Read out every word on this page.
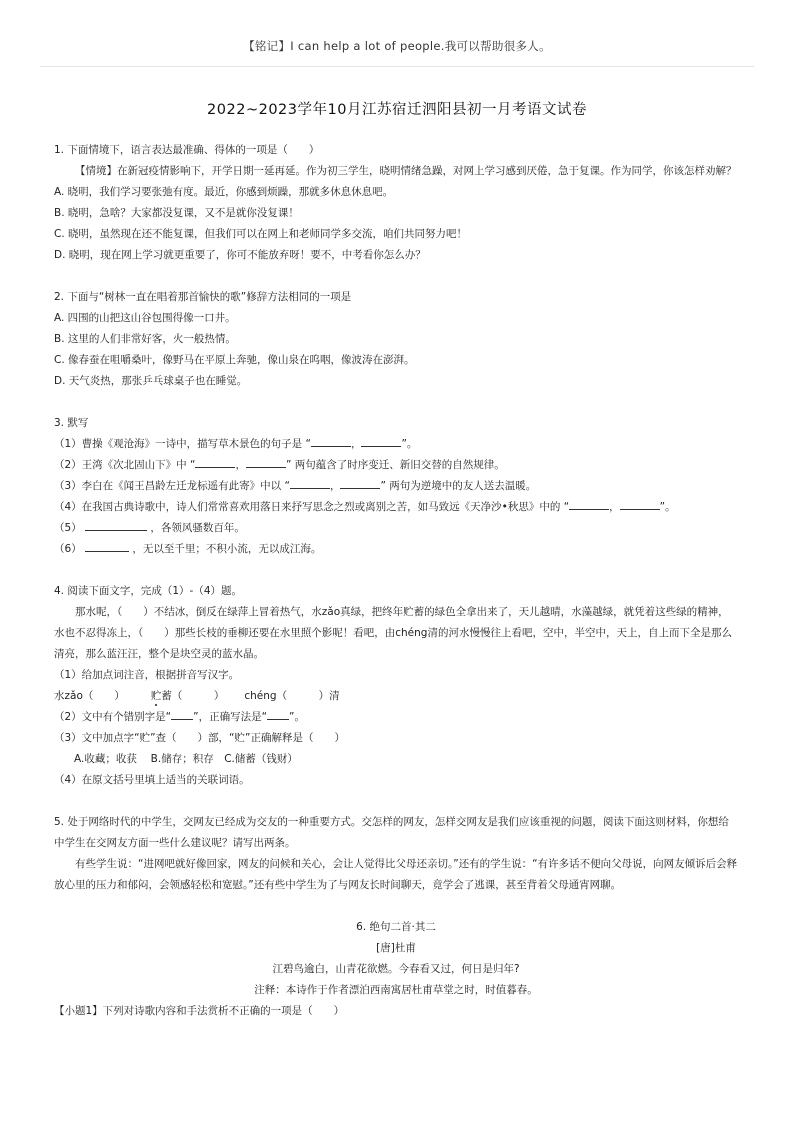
【铭记】I can help a lot of people.我可以帮助很多人。
2022~2023学年10月江苏宿迁泗阳县初一月考语文试卷

1. 下面情境下，语言表达最准确、得体的一项是（　　）

【情境】在新冠疫情影响下，开学日期一延再延。作为初三学生，晓明情绪急躁，对网上学习感到厌倦，急于复课。作为同学，你该怎样劝解？

A. 晓明，我们学习要张弛有度。最近，你感到烦躁，那就多休息休息吧。

B. 晓明，急啥？大家都没复课，又不是就你没复课！

C. 晓明，虽然现在还不能复课，但我们可以在网上和老师同学多交流，咱们共同努力吧！

D. 晓明，现在网上学习就更重要了，你可不能放弃呀！要不，中考看你怎么办？

2. 下面与“树林一直在唱着那首愉快的歌”修辞方法相同的一项是

A. 四围的山把这山谷包围得像一口井。

B. 这里的人们非常好客，火一般热情。

C. 像春蚕在咀嚼桑叶，像野马在平原上奔驰，像山泉在呜咽，像波涛在澎湃。

D. 天气炎热，那张乒乓球桌子也在睡觉。

3. 默写

（1）曹操《观沧海》一诗中，描写草木景色的句子是 “	，	”。

（2）王湾《次北固山下》中 “	，	” 两句蕴含了时序变迁、新旧交替的自然规律。

（3）李白在《闻王昌龄左迁龙标遥有此寄》中以 “	，	” 两句为逆境中的友人送去温暖。

（4）在我国古典诗歌中，诗人们常常喜欢用落日来抒写思念之烈或离别之苦，如马致远《天净沙•秋思》中的 “	，	”。

（5）	，各领风骚数百年。

（6）	，无以至千里；不积小流，无以成江海。

4. 阅读下面文字，完成（1）-（4）题。

那水呢，（　　）不结冰，倒反在绿萍上冒着热气，水zǎo真绿，把终年贮蓄的绿色全拿出来了，天儿越晴，水藻越绿，就凭着这些绿的精神，水也不忍得冻上，（　　）那些长枝的垂柳还要在水里照个影呢！看吧，由chéng清的河水慢慢往上看吧，空中，半空中，天上，自上而下全是那么清亮，那么蓝汪汪，整个是块空灵的蓝水晶。

（1）给加点词注音，根据拼音写汉字。

水zǎo（　　） 贮蓄（　　　） chéng（　　　）清

（2）文中有个错别字是“ ”，正确写法是“ ”。

（3）文中加点字“贮”查（　　）部，“贮”正确解释是（　　）

A.收藏；收获　 B.储存；积存　C.储蓄（钱财）

（4）在原文括号里填上适当的关联词语。

5. 处于网络时代的中学生，交网友已经成为交友的一种重要方式。交怎样的网友，怎样交网友是我们应该重视的问题，阅读下面这则材料，你想给中学生在交网友方面一些什么建议呢？请写出两条。

有些学生说：“进网吧就好像回家，网友的问候和关心，会让人觉得比父母还亲切。”还有的学生说：“有许多话不便向父母说，向网友倾诉后会释放心里的压力和郁闷，会领感轻松和宽慰。”还有些中学生为了与网友长时间聊天，竟学会了逃课，甚至背着父母通宵网聊。

6. 绝句二首·其二

[唐]杜甫

江碧鸟逾白，山青花欲燃。今春看又过，何日是归年?

注释：本诗作于作者漂泊西南寓居杜甫草堂之时，时值暮春。

【小题1】下列对诗歌内容和手法赏析不正确的一项是（　　）
